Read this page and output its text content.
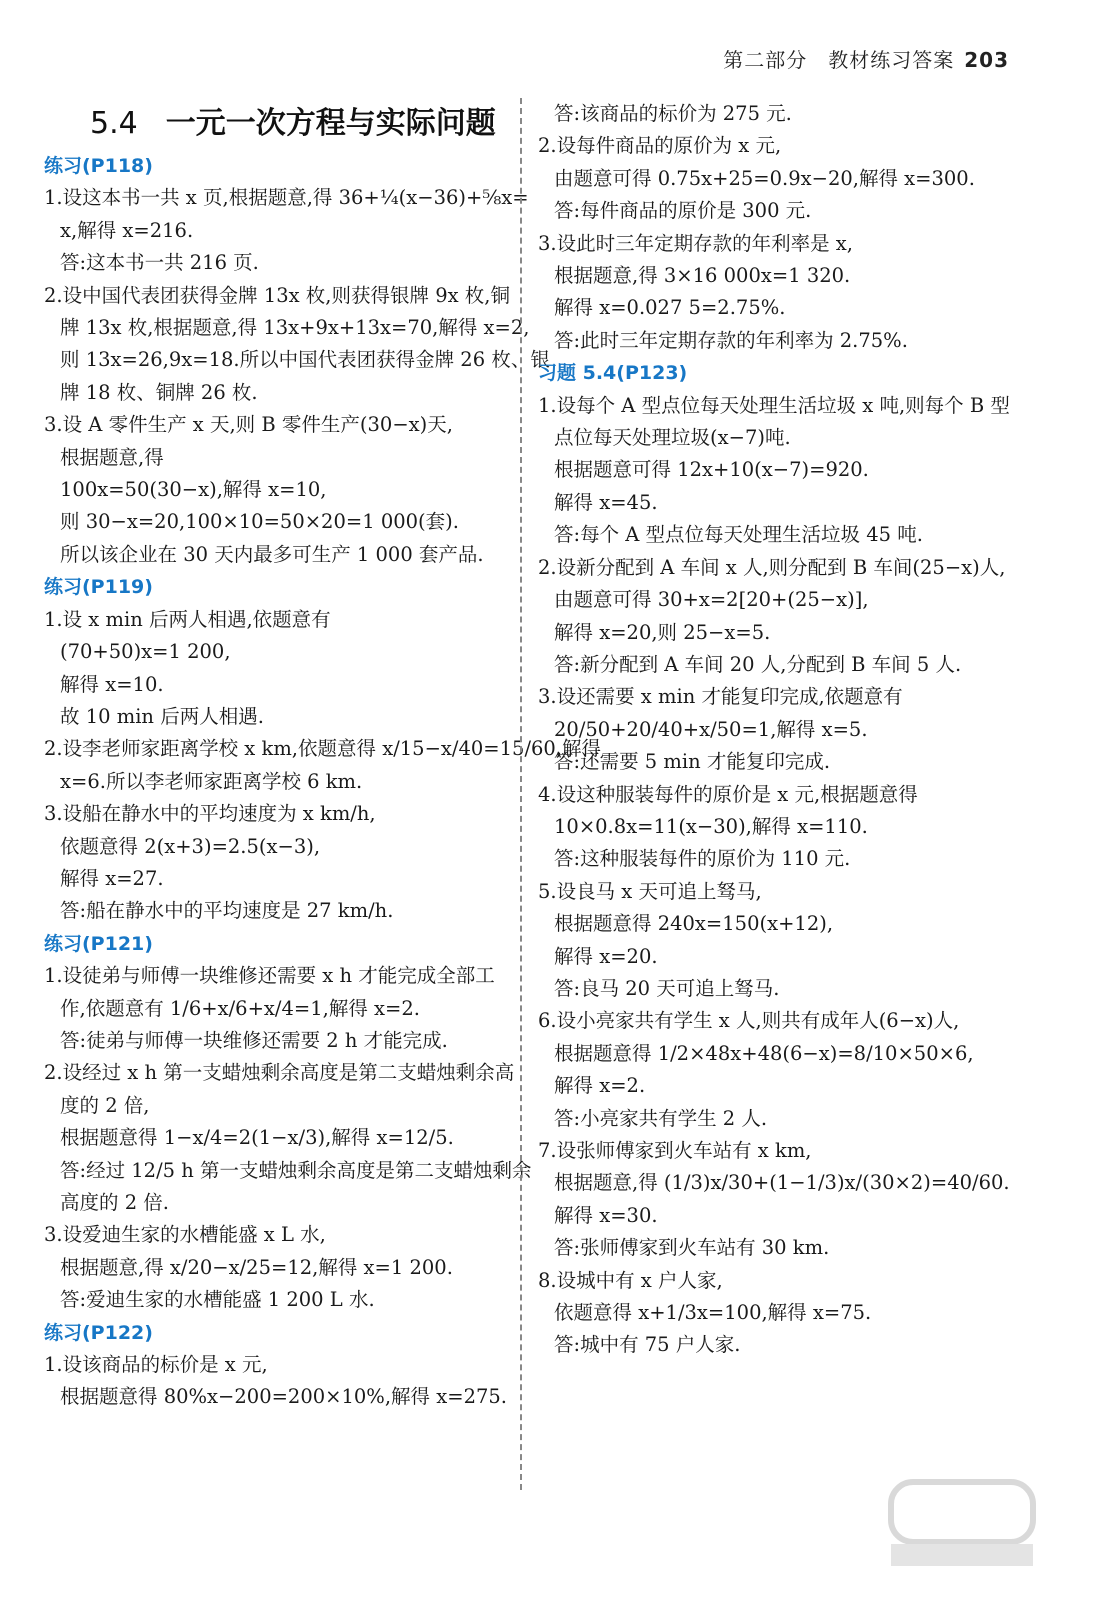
第二部分　教材练习答案 203
5.4 一元一次方程与实际问题
练习(P118)
1.设这本书一共 x 页,根据题意,得 36+¼(x−36)+⅝x=
x,解得 x=216.
答:这本书一共 216 页.
2.设中国代表团获得金牌 13x 枚,则获得银牌 9x 枚,铜
牌 13x 枚,根据题意,得 13x+9x+13x=70,解得 x=2,
则 13x=26,9x=18.所以中国代表团获得金牌 26 枚、银
牌 18 枚、铜牌 26 枚.
3.设 A 零件生产 x 天,则 B 零件生产(30−x)天,
根据题意,得
100x=50(30−x),解得 x=10,
则 30−x=20,100×10=50×20=1 000(套).
所以该企业在 30 天内最多可生产 1 000 套产品.
练习(P119)
1.设 x min 后两人相遇,依题意有
(70+50)x=1 200,
解得 x=10.
故 10 min 后两人相遇.
2.设李老师家距离学校 x km,依题意得 x/15−x/40=15/60,解得
x=6.所以李老师家距离学校 6 km.
3.设船在静水中的平均速度为 x km/h,
依题意得 2(x+3)=2.5(x−3),
解得 x=27.
答:船在静水中的平均速度是 27 km/h.
练习(P121)
1.设徒弟与师傅一块维修还需要 x h 才能完成全部工
作,依题意有 1/6+x/6+x/4=1,解得 x=2.
答:徒弟与师傅一块维修还需要 2 h 才能完成.
2.设经过 x h 第一支蜡烛剩余高度是第二支蜡烛剩余高
度的 2 倍,
根据题意得 1−x/4=2(1−x/3),解得 x=12/5.
答:经过 12/5 h 第一支蜡烛剩余高度是第二支蜡烛剩余
高度的 2 倍.
3.设爱迪生家的水槽能盛 x L 水,
根据题意,得 x/20−x/25=12,解得 x=1 200.
答:爱迪生家的水槽能盛 1 200 L 水.
练习(P122)
1.设该商品的标价是 x 元,
根据题意得 80%x−200=200×10%,解得 x=275.
答:该商品的标价为 275 元.
2.设每件商品的原价为 x 元,
由题意可得 0.75x+25=0.9x−20,解得 x=300.
答:每件商品的原价是 300 元.
3.设此时三年定期存款的年利率是 x,
根据题意,得 3×16 000x=1 320.
解得 x=0.027 5=2.75%.
答:此时三年定期存款的年利率为 2.75%.
习题 5.4(P123)
1.设每个 A 型点位每天处理生活垃圾 x 吨,则每个 B 型
点位每天处理垃圾(x−7)吨.
根据题意可得 12x+10(x−7)=920.
解得 x=45.
答:每个 A 型点位每天处理生活垃圾 45 吨.
2.设新分配到 A 车间 x 人,则分配到 B 车间(25−x)人,
由题意可得 30+x=2[20+(25−x)],
解得 x=20,则 25−x=5.
答:新分配到 A 车间 20 人,分配到 B 车间 5 人.
3.设还需要 x min 才能复印完成,依题意有
20/50+20/40+x/50=1,解得 x=5.
答:还需要 5 min 才能复印完成.
4.设这种服装每件的原价是 x 元,根据题意得
10×0.8x=11(x−30),解得 x=110.
答:这种服装每件的原价为 110 元.
5.设良马 x 天可追上驽马,
根据题意得 240x=150(x+12),
解得 x=20.
答:良马 20 天可追上驽马.
6.设小亮家共有学生 x 人,则共有成年人(6−x)人,
根据题意得 1/2×48x+48(6−x)=8/10×50×6,
解得 x=2.
答:小亮家共有学生 2 人.
7.设张师傅家到火车站有 x km,
根据题意,得 (1/3)x/30+(1−1/3)x/(30×2)=40/60.
解得 x=30.
答:张师傅家到火车站有 30 km.
8.设城中有 x 户人家,
依题意得 x+1/3x=100,解得 x=75.
答:城中有 75 户人家.
